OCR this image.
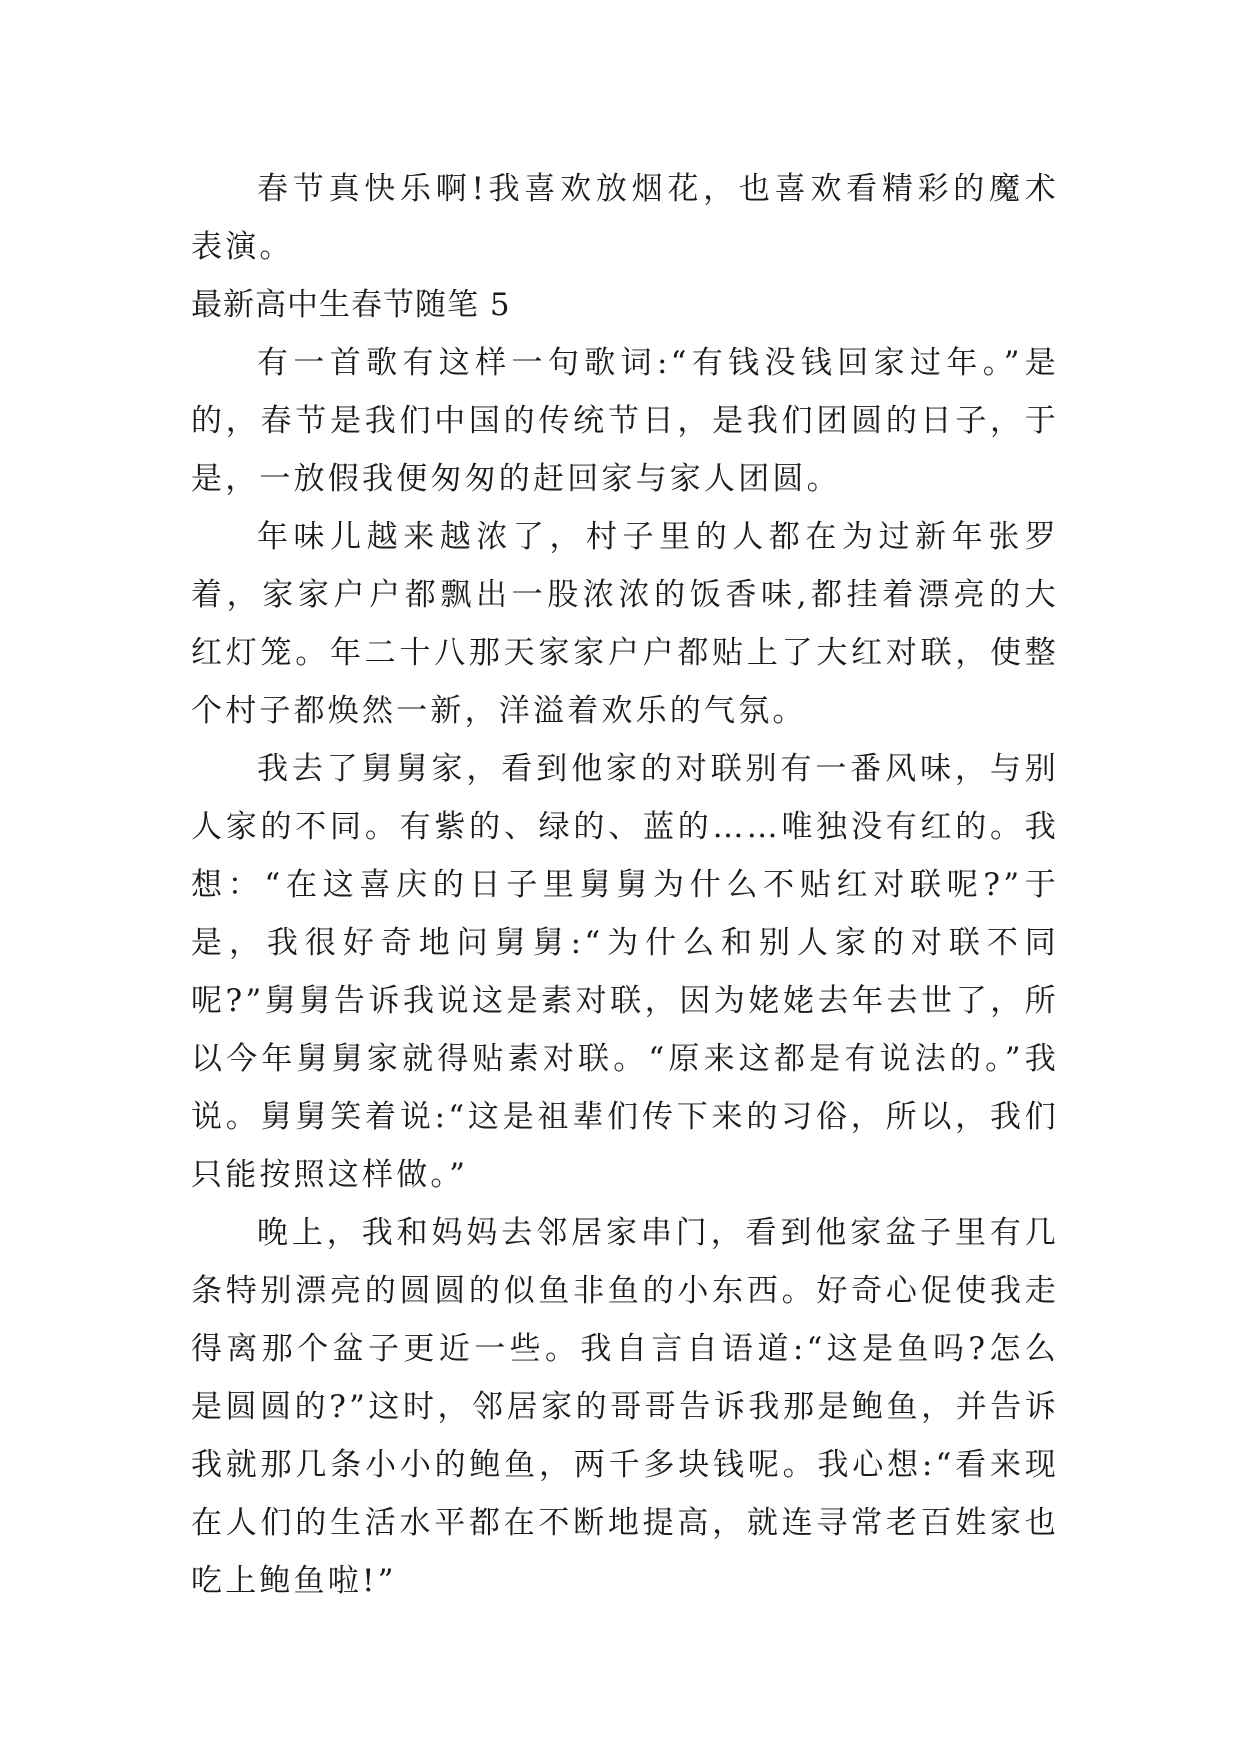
春节真快乐啊!我喜欢放烟花，也喜欢看精彩的魔术表演。

最新高中生春节随笔 5

有一首歌有这样一句歌词:“有钱没钱回家过年。”是的，春节是我们中国的传统节日，是我们团圆的日子，于是，一放假我便匆匆的赶回家与家人团圆。

年味儿越来越浓了，村子里的人都在为过新年张罗着，家家户户都飘出一股浓浓的饭香味,都挂着漂亮的大红灯笼。年二十八那天家家户户都贴上了大红对联，使整个村子都焕然一新，洋溢着欢乐的气氛。

我去了舅舅家，看到他家的对联别有一番风味，与别人家的不同。有紫的、绿的、蓝的……唯独没有红的。我想：“在这喜庆的日子里舅舅为什么不贴红对联呢?”于是，我很好奇地问舅舅:“为什么和别人家的对联不同呢?”舅舅告诉我说这是素对联，因为姥姥去年去世了，所以今年舅舅家就得贴素对联。“原来这都是有说法的。”我说。舅舅笑着说:“这是祖辈们传下来的习俗，所以，我们只能按照这样做。”

晚上，我和妈妈去邻居家串门，看到他家盆子里有几条特别漂亮的圆圆的似鱼非鱼的小东西。好奇心促使我走得离那个盆子更近一些。我自言自语道:“这是鱼吗?怎么是圆圆的?”这时，邻居家的哥哥告诉我那是鲍鱼，并告诉我就那几条小小的鲍鱼，两千多块钱呢。我心想:“看来现在人们的生活水平都在不断地提高，就连寻常老百姓家也吃上鲍鱼啦!”
